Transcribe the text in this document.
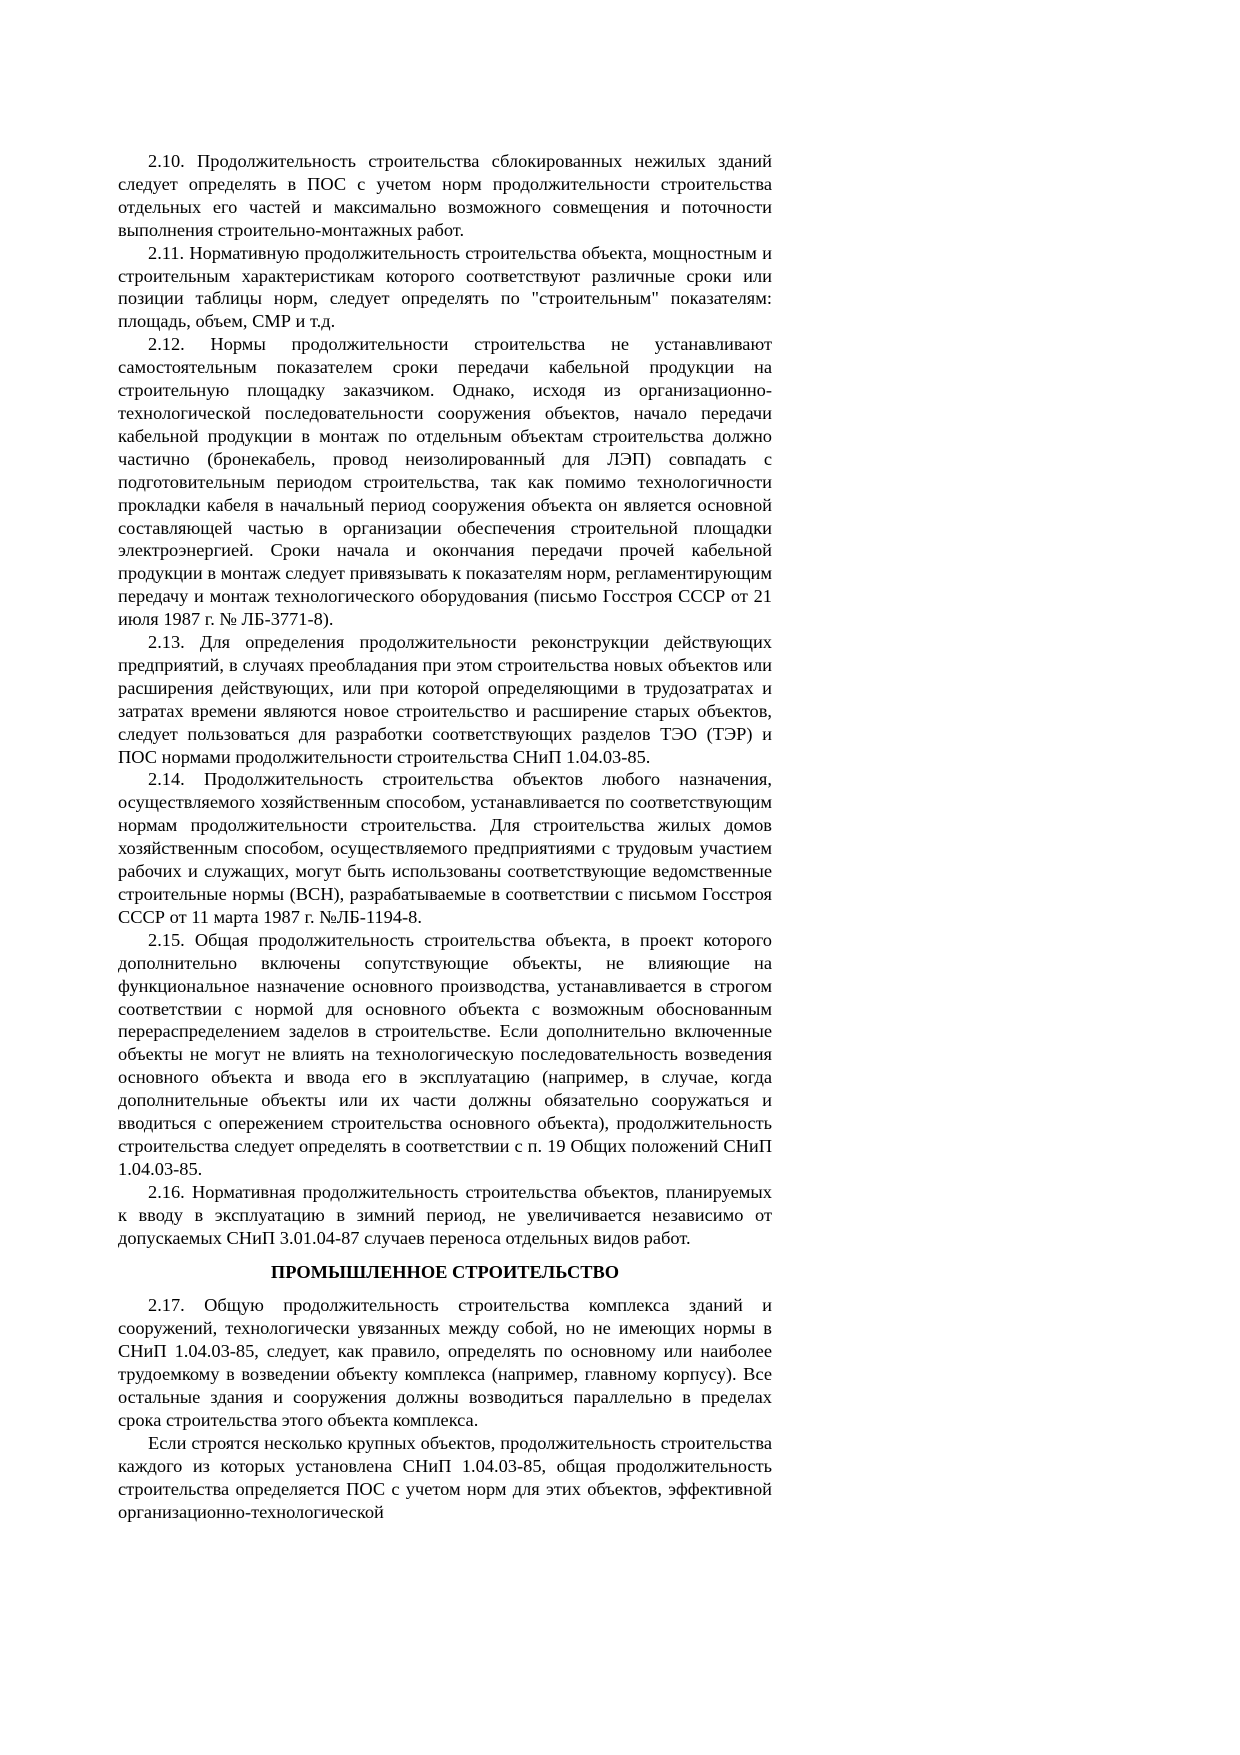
2.10. Продолжительность строительства сблокированных нежилых зданий следует определять в ПОС с учетом норм продолжительности строительства отдельных его частей и максимально возможного совмещения и поточности выполнения строительно-монтажных работ.

2.11. Нормативную продолжительность строительства объекта, мощностным и строительным характеристикам которого соответствуют различные сроки или позиции таблицы норм, следует определять по "строительным" показателям: площадь, объем, СМР и т.д.

2.12. Нормы продолжительности строительства не устанавливают самостоятельным показателем сроки передачи кабельной продукции на строительную площадку заказчиком. Однако, исходя из организационно-технологической последовательности сооружения объектов, начало передачи кабельной продукции в монтаж по отдельным объектам строительства должно частично (бронекабель, провод неизолированный для ЛЭП) совпадать с подготовительным периодом строительства, так как помимо технологичности прокладки кабеля в начальный период сооружения объекта он является основной составляющей частью в организации обеспечения строительной площадки электроэнергией. Сроки начала и окончания передачи прочей кабельной продукции в монтаж следует привязывать к показателям норм, регламентирующим передачу и монтаж технологического оборудования (письмо Госстроя СССР от 21 июля 1987 г. № ЛБ-3771-8).

2.13. Для определения продолжительности реконструкции действующих предприятий, в случаях преобладания при этом строительства новых объектов или расширения действующих, или при которой определяющими в трудозатратах и затратах времени являются новое строительство и расширение старых объектов, следует пользоваться для разработки соответствующих разделов ТЭО (ТЭР) и ПОС нормами продолжительности строительства СНиП 1.04.03-85.

2.14. Продолжительность строительства объектов любого назначения, осуществляемого хозяйственным способом, устанавливается по соответствующим нормам продолжительности строительства. Для строительства жилых домов хозяйственным способом, осуществляемого предприятиями с трудовым участием рабочих и служащих, могут быть использованы соответствующие ведомственные строительные нормы (ВСН), разрабатываемые в соответствии с письмом Госстроя СССР от 11 марта 1987 г. №ЛБ-1194-8.

2.15. Общая продолжительность строительства объекта, в проект которого дополнительно включены сопутствующие объекты, не влияющие на функциональное назначение основного производства, устанавливается в строгом соответствии с нормой для основного объекта с возможным обоснованным перераспределением заделов в строительстве. Если дополнительно включенные объекты не могут не влиять на технологическую последовательность возведения основного объекта и ввода его в эксплуатацию (например, в случае, когда дополнительные объекты или их части должны обязательно сооружаться и вводиться с опережением строительства основного объекта), продолжительность строительства следует определять в соответствии с п. 19 Общих положений СНиП 1.04.03-85.

2.16. Нормативная продолжительность строительства объектов, планируемых к вводу в эксплуатацию в зимний период, не увеличивается независимо от допускаемых СНиП 3.01.04-87 случаев переноса отдельных видов работ.

ПРОМЫШЛЕННОЕ СТРОИТЕЛЬСТВО

2.17. Общую продолжительность строительства комплекса зданий и сооружений, технологически увязанных между собой, но не имеющих нормы в СНиП 1.04.03-85, следует, как правило, определять по основному или наиболее трудоемкому в возведении объекту комплекса (например, главному корпусу). Все остальные здания и сооружения должны возводиться параллельно в пределах срока строительства этого объекта комплекса.

Если строятся несколько крупных объектов, продолжительность строительства каждого из которых установлена СНиП 1.04.03-85, общая продолжительность строительства определяется ПОС с учетом норм для этих объектов, эффективной организационно-технологической
